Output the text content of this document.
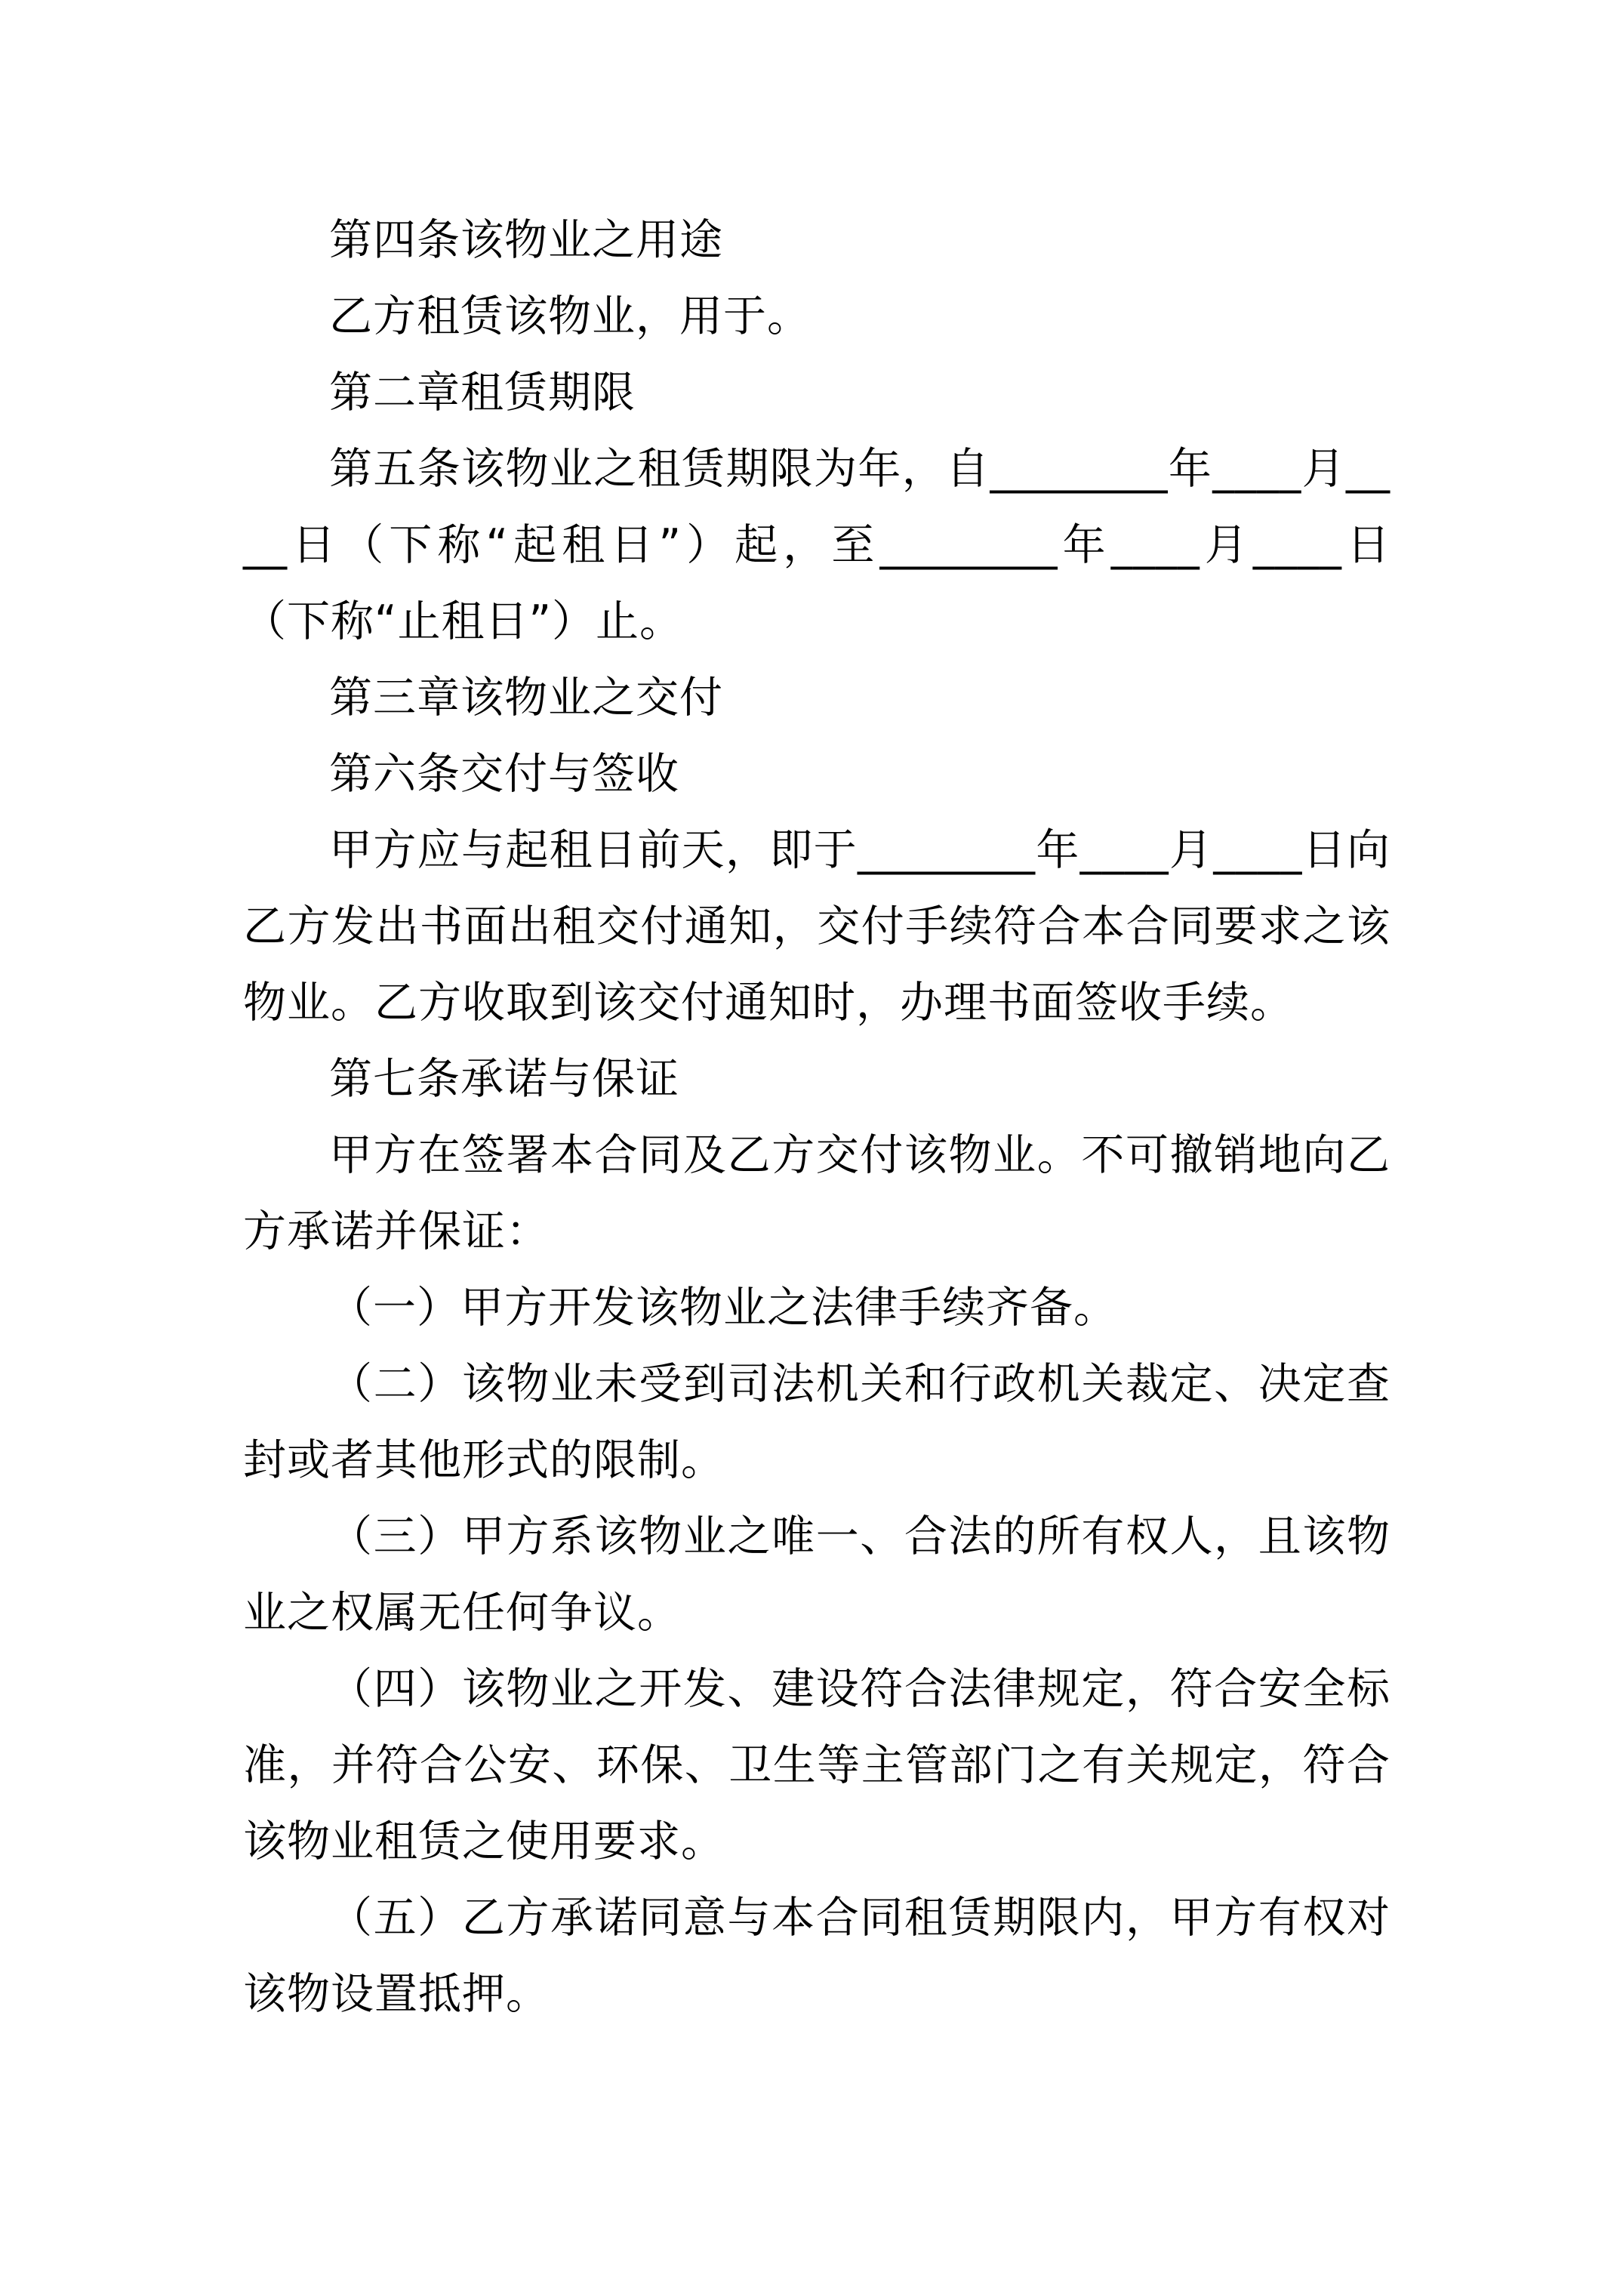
第四条该物业之用途

乙方租赁该物业，用于。

第二章租赁期限

第五条该物业之租赁期限为年，自________年____月____日（下称“起租日”）起，至________年____月____日（下称“止租日”）止。

第三章该物业之交付

第六条交付与签收

甲方应与起租日前天，即于________年____月____日向乙方发出书面出租交付通知，交付手续符合本合同要求之该物业。乙方收取到该交付通知时，办理书面签收手续。

第七条承诺与保证

甲方在签署本合同及乙方交付该物业。不可撤销地向乙方承诺并保证：

（一）甲方开发该物业之法律手续齐备。

（二）该物业未受到司法机关和行政机关裁定、决定查封或者其他形式的限制。

（三）甲方系该物业之唯一、合法的所有权人，且该物业之权属无任何争议。

（四）该物业之开发、建设符合法律规定，符合安全标准，并符合公安、环保、卫生等主管部门之有关规定，符合该物业租赁之使用要求。

（五）乙方承诺同意与本合同租赁期限内，甲方有权对该物设置抵押。
